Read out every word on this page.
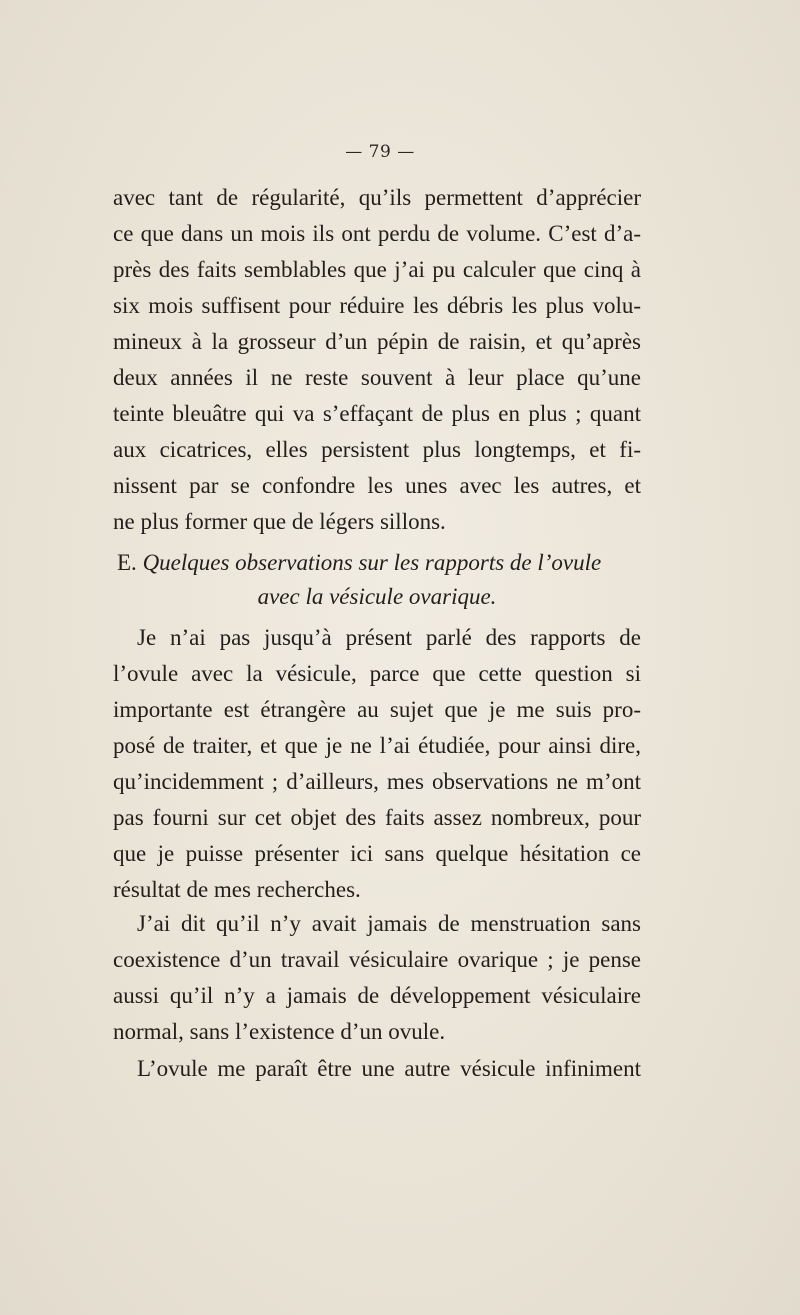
— 79 —
avec tant de régularité, qu’ils permettent d’apprécier
ce que dans un mois ils ont perdu de volume. C’est d’a-
près des faits semblables que j’ai pu calculer que cinq à
six mois suffisent pour réduire les débris les plus volu-
mineux à la grosseur d’un pépin de raisin, et qu’après
deux années il ne reste souvent à leur place qu’une
teinte bleuâtre qui va s’effaçant de plus en plus ; quant
aux cicatrices, elles persistent plus longtemps, et fi-
nissent par se confondre les unes avec les autres, et
ne plus former que de légers sillons.
E. Quelques observations sur les rapports de l’ovule
avec la vésicule ovarique.
Je n’ai pas jusqu’à présent parlé des rapports de
l’ovule avec la vésicule, parce que cette question si
importante est étrangère au sujet que je me suis pro-
posé de traiter, et que je ne l’ai étudiée, pour ainsi dire,
qu’incidemment ; d’ailleurs, mes observations ne m’ont
pas fourni sur cet objet des faits assez nombreux, pour
que je puisse présenter ici sans quelque hésitation ce
résultat de mes recherches.
J’ai dit qu’il n’y avait jamais de menstruation sans
coexistence d’un travail vésiculaire ovarique ; je pense
aussi qu’il n’y a jamais de développement vésiculaire
normal, sans l’existence d’un ovule.
L’ovule me paraît être une autre vésicule infiniment
